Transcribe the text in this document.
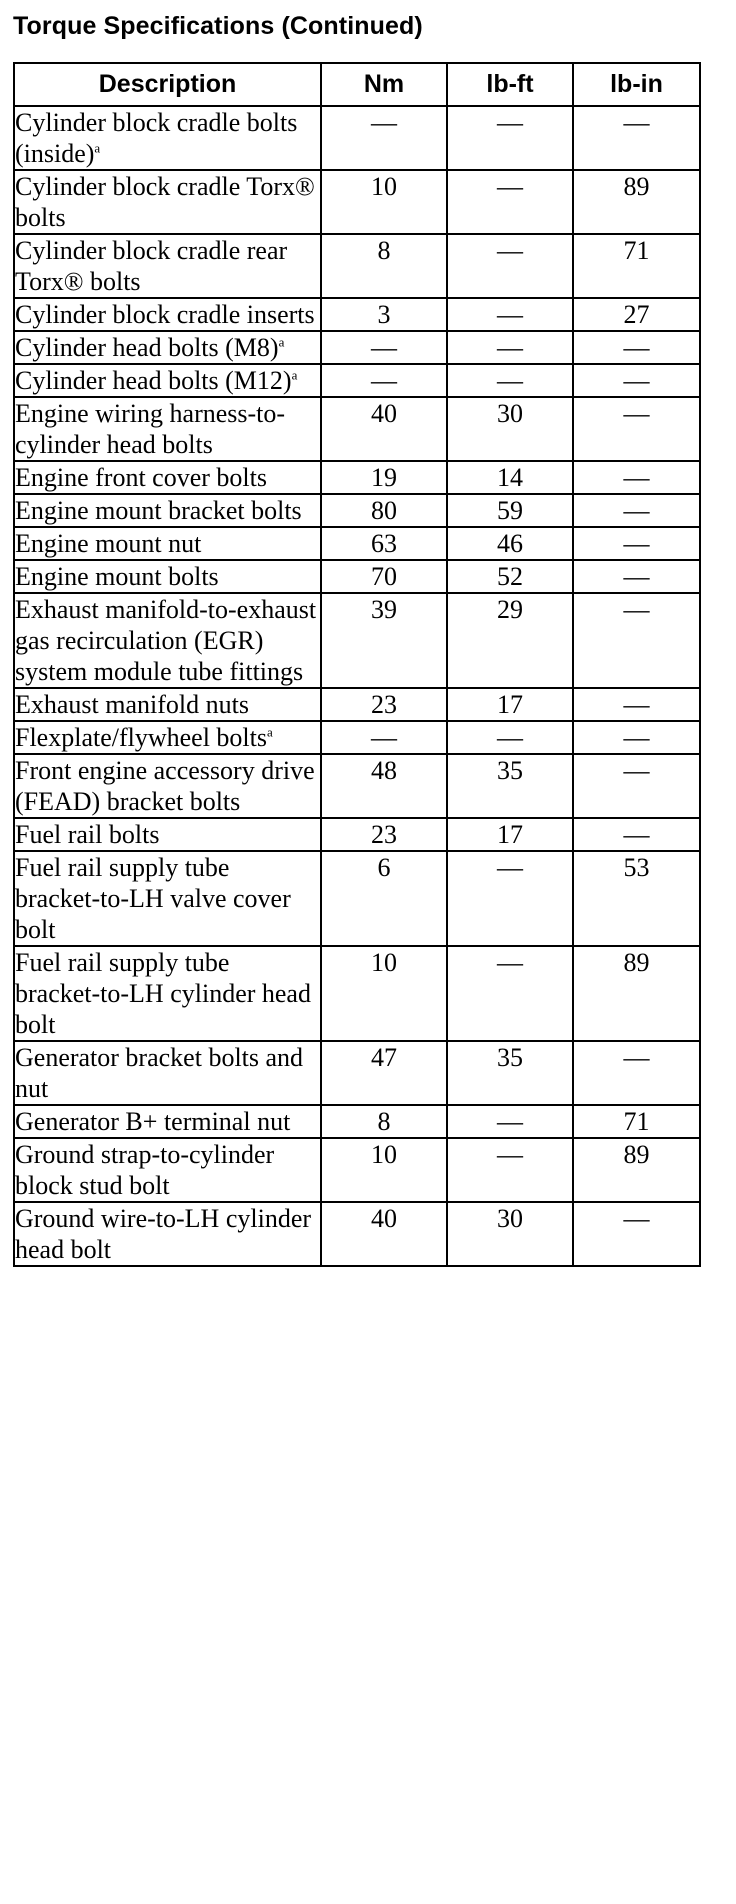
Torque Specifications (Continued)
Description	Nm	lb-ft	lb-in
Cylinder block cradle bolts (inside)$^a$	—	—	—
Cylinder block cradle Torx® bolts	10	—	89
Cylinder block cradle rear Torx® bolts	8	—	71
Cylinder block cradle inserts	3	—	27
Cylinder head bolts (M8)$^a$	—	—	—
Cylinder head bolts (M12)$^a$	—	—	—
Engine wiring harness-to-cylinder head bolts	40	30	—
Engine front cover bolts	19	14	—
Engine mount bracket bolts	80	59	—
Engine mount nut	63	46	—
Engine mount bolts	70	52	—
Exhaust manifold-to-exhaust gas recirculation (EGR) system module tube fittings	39	29	—
Exhaust manifold nuts	23	17	—
Flexplate/flywheel bolts$^a$	—	—	—
Front engine accessory drive (FEAD) bracket bolts	48	35	—
Fuel rail bolts	23	17	—
Fuel rail supply tube bracket-to-LH valve cover bolt	6	—	53
Fuel rail supply tube bracket-to-LH cylinder head bolt	10	—	89
Generator bracket bolts and nut	47	35	—
Generator B+ terminal nut	8	—	71
Ground strap-to-cylinder block stud bolt	10	—	89
Ground wire-to-LH cylinder head bolt	40	30	—
